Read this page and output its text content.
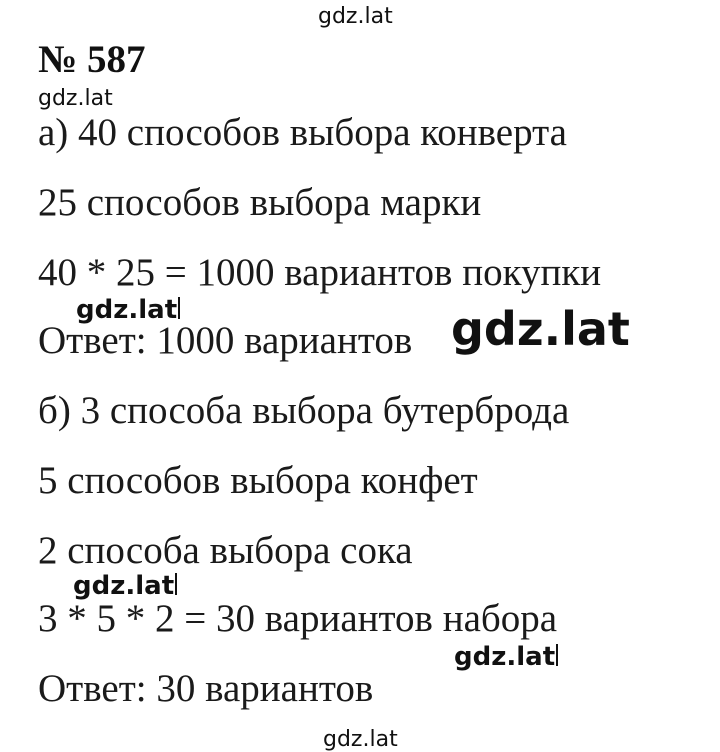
gdz.lat
№ 587
gdz.lat
а) 40 способов выбора конверта
25 способов выбора марки
40 * 25 = 1000 вариантов покупки
Ответ: 1000 вариантов
б) 3 способа выбора бутерброда
5 способов выбора конфет
2 способа выбора сока
3 * 5 * 2 = 30 вариантов набора
Ответ: 30 вариантов
gdz.lat	gdz.lat
gdz.lat
gdz.lat
gdz.lat
